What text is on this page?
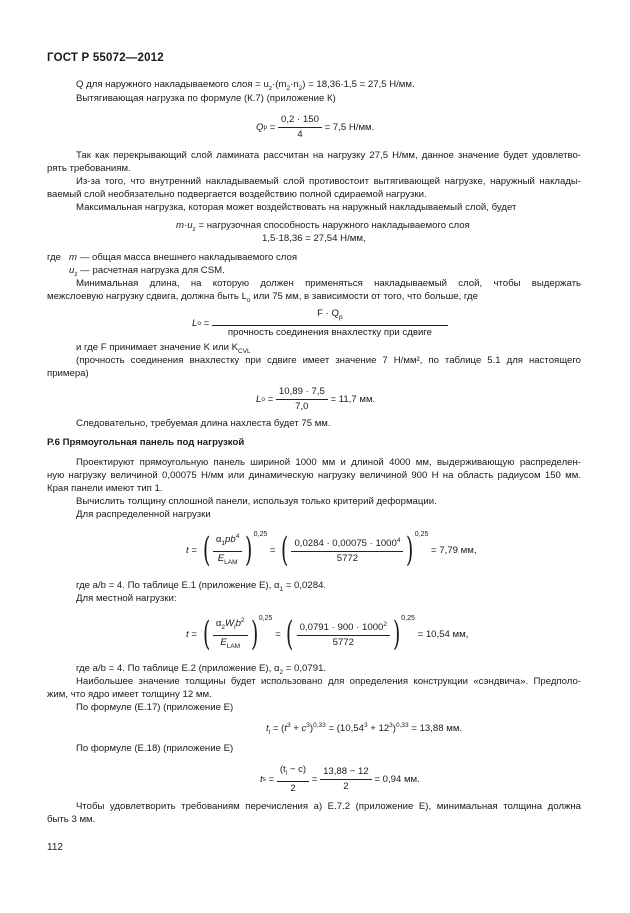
ГОСТ Р 55072—2012
Q для наружного накладываемого слоя = $u_z\cdot(m_2\cdot n_2) = 18,36\cdot 1,5 = 27,5$ Н/мм.
Вытягивающая нагрузка по формуле (К.7) (приложение К)
Q $p = \frac{0,2 \cdot 150}{4}$
= 7,5 Н/мм.
Так как перекрывающий слой ламината рассчитан на нагрузку 27,5 Н/мм, данное значение будет удовлетво-
рять требованиям.
Из-за того, что внутренний накладываемый слой противостоит вытягивающей нагрузке, наружный наклады-
ваемый слой необязательно подвергается воздействию полной сдираемой нагрузки.
Максимальная нагрузка, которая может воздействовать на наружный накладываемый слой, будет
$m\cdot u_z$ = нагрузочная способность наружного накладываемого слоя
1,5·18,36 = 27,54 Н/мм,
где m — общая масса внешнего накладываемого слоя
$u_z$ — расчетная нагрузка для CSM.
Минимальная длина, на которую должен применяться накладываемый слой, чтобы выдержать
межслоевую нагрузку сдвига, должна быть $L_o$ или 75 мм, в зависимости от того, что больше, где
L $o = \frac{F \cdot Q_p}{\text{прочность соединения внахлестку при сдвиге}}$
и где F принимает значение K или $K_{CVL}$
(прочность соединения внахлестку при сдвиге имеет значение 7 Н/мм², по таблице 5.1 для настоящего
примера)
L $o = \frac{10,89 \cdot 7,5}{7,0}$
= 11,7 мм.
Следовательно, требуемая длина нахлеста будет 75 мм.
Р.6 Прямоугольная панель под нагрузкой
Проектируют прямоугольную панель шириной 1000 мм и длиной 4000 мм, выдерживающую распределен-
ную нагрузку величиной 0,00075 Н/мм или динамическую нагрузку величиной 900 Н на область радиусом 150 мм.
Края панели имеют тип 1.
Вычислить толщину сплошной панели, используя только критерий деформации.
Для распределенной нагрузки
t = ( $\frac{\alpha_1pb^4}{E_{LAM}}$ ) 0,25
= ( $\frac{0,0284 \cdot 0,00075 \cdot 1000^4}{5772}$ ) 0,25

= 7,79 мм,
где a/b = 4. По таблице Е.1 (приложение Е), $\alpha_1 = 0,0284$.
Для местной нагрузки:
t = ( $\frac{\alpha_2W_lb^2}{E_{LAM}}$ ) 0,25
= ( $\frac{0,0791 \cdot 900 \cdot 1000^2}{5772}$ ) 0,25

= 10,54 мм,
где a/b = 4. По таблице Е.2 (приложение Е), $\alpha_2 = 0,0791$.
Наибольшее значение толщины будет использовано для определения конструкции «сэндвича». Предполо-
жим, что ядро имеет толщину 12 мм.
По формуле (Е.17) (приложение Е)
$t_l = (t^3 + c^3)^{0,33} = (10,54^3 + 12^3)^{0,33} = 13,88$ мм.
По формуле (Е.18) (приложение Е)
t $s = \frac{(t_l - c)}{2} = \frac{13,88 - 12}{2}$
= 0,94 мм.
Чтобы удовлетворить требованиям перечисления а) Е.7.2 (приложение Е), минимальная толщина должна
быть 3 мм.
112
